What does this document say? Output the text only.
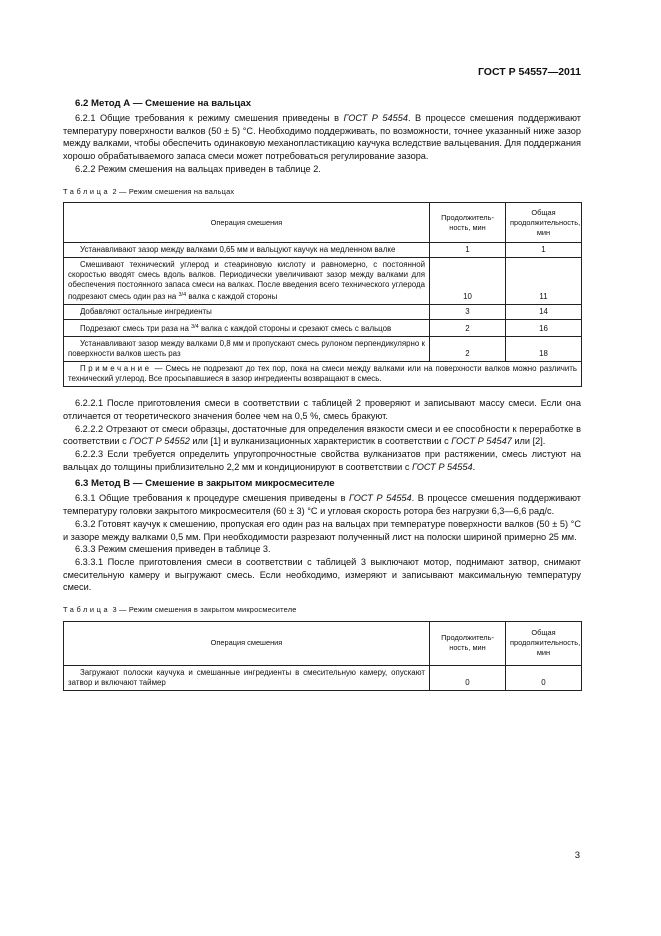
ГОСТ Р 54557—2011
6.2 Метод А — Смешение на вальцах

6.2.1 Общие требования к режиму смешения приведены в ГОСТ Р 54554. В процессе смешения поддерживают температуру поверхности валков (50 ± 5) °С. Необходимо поддерживать, по возможности, точнее указанный ниже зазор между валками, чтобы обеспечить одинаковую механопластикацию каучука вследствие вальцевания. Для поддержания хорошо обрабатываемого запаса смеси может потребоваться регулирование зазора.

6.2.2 Режим смешения на вальцах приведен в таблице 2.

Таблица 2 — Режим смешения на вальцах
Операция смешения	Продолжитель-ность, мин	Общая продолжительность, мин
Устанавливают зазор между валками 0,65 мм и вальцуют каучук на медленном валке	1	1
Смешивают технический углерод и стеариновую кислоту и равномерно, с постоянной скоростью вводят смесь вдоль валков. Периодически увеличивают зазор между валками для обеспечения постоянного запаса смеси на валках. После введения всего технического углерода подрезают смесь один раз на $^{3/4}$ валка с каждой стороны	10	11
Добавляют остальные ингредиенты	3	14
Подрезают смесь три раза на $^{3/4}$ валка с каждой стороны и срезают смесь с вальцов	2	16
Устанавливают зазор между валками 0,8 мм и пропускают смесь рулоном перпендикулярно к поверхности валков шесть раз	2	18
Примечание — Смесь не подрезают до тех пор, пока на смеси между валками или на поверхности валков можно различить технический углерод. Все просыпавшиеся в зазор ингредиенты возвращают в смесь.		

6.2.2.1 После приготовления смеси в соответствии с таблицей 2 проверяют и записывают массу смеси. Если она отличается от теоретического значения более чем на 0,5 %, смесь бракуют.

6.2.2.2 Отрезают от смеси образцы, достаточные для определения вязкости смеси и ее способности к переработке в соответствии с ГОСТ Р 54552 или [1] и вулканизационных характеристик в соответствии с ГОСТ Р 54547 или [2].

6.2.2.3 Если требуется определить упругопрочностные свойства вулканизатов при растяжении, смесь листуют на вальцах до толщины приблизительно 2,2 мм и кондиционируют в соответствии с ГОСТ Р 54554.

6.3 Метод В — Смешение в закрытом микросмесителе

6.3.1 Общие требования к процедуре смешения приведены в ГОСТ Р 54554. В процессе смешения поддерживают температуру головки закрытого микросмесителя (60 ± 3) °С и угловая скорость ротора без нагрузки 6,3—6,6 рад/с.

6.3.2 Готовят каучук к смешению, пропуская его один раз на вальцах при температуре поверхности валков (50 ± 5) °С и зазоре между валками 0,5 мм. При необходимости разрезают полученный лист на полоски шириной примерно 25 мм.

6.3.3 Режим смешения приведен в таблице 3.

6.3.3.1 После приготовления смеси в соответствии с таблицей 3 выключают мотор, поднимают затвор, снимают смесительную камеру и выгружают смесь. Если необходимо, измеряют и записывают максимальную температуру смеси.

Таблица 3 — Режим смешения в закрытом микросмесителе
Операция смешения	Продолжитель-ность, мин	Общая продолжительность, мин
Загружают полоски каучука и смешанные ингредиенты в смесительную камеру, опускают затвор и включают таймер	0	0
3
